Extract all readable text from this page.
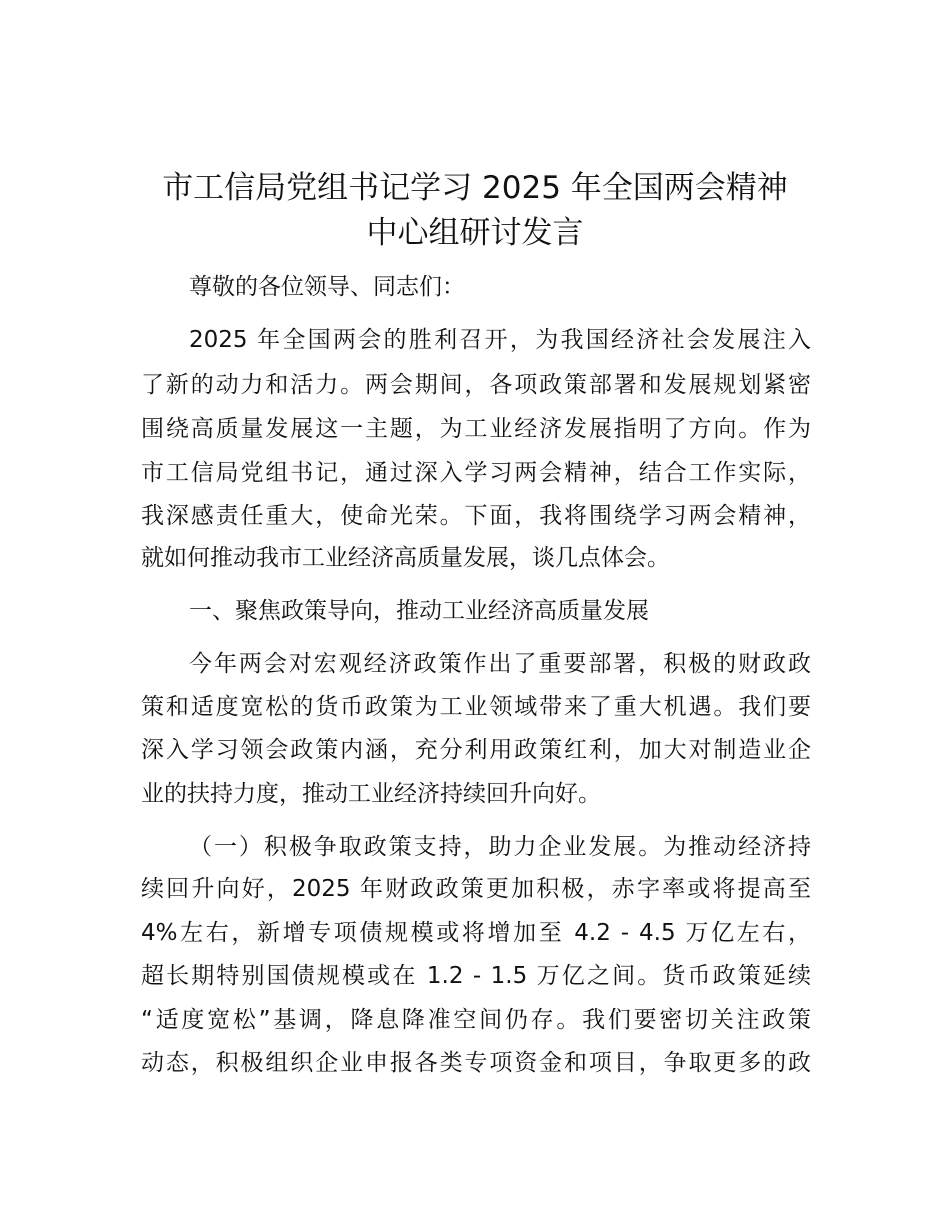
市工信局党组书记学习 2025 年全国两会精神
中心组研讨发言
尊敬的各位领导、同志们：
2025 年全国两会的胜利召开，为我国经济社会发展注入
了新的动力和活力。两会期间，各项政策部署和发展规划紧密
围绕高质量发展这一主题，为工业经济发展指明了方向。作为
市工信局党组书记，通过深入学习两会精神，结合工作实际，
我深感责任重大，使命光荣。下面，我将围绕学习两会精神，
就如何推动我市工业经济高质量发展，谈几点体会。
一、聚焦政策导向，推动工业经济高质量发展
今年两会对宏观经济政策作出了重要部署，积极的财政政
策和适度宽松的货币政策为工业领域带来了重大机遇。我们要
深入学习领会政策内涵，充分利用政策红利，加大对制造业企
业的扶持力度，推动工业经济持续回升向好。
（一）积极争取政策支持，助力企业发展。为推动经济持
续回升向好，2025 年财政政策更加积极，赤字率或将提高至
4%左右，新增专项债规模或将增加至 4.2 - 4.5 万亿左右，
超长期特别国债规模或在 1.2 - 1.5 万亿之间。货币政策延续
“适度宽松”基调，降息降准空间仍存。我们要密切关注政策
动态，积极组织企业申报各类专项资金和项目，争取更多的政
